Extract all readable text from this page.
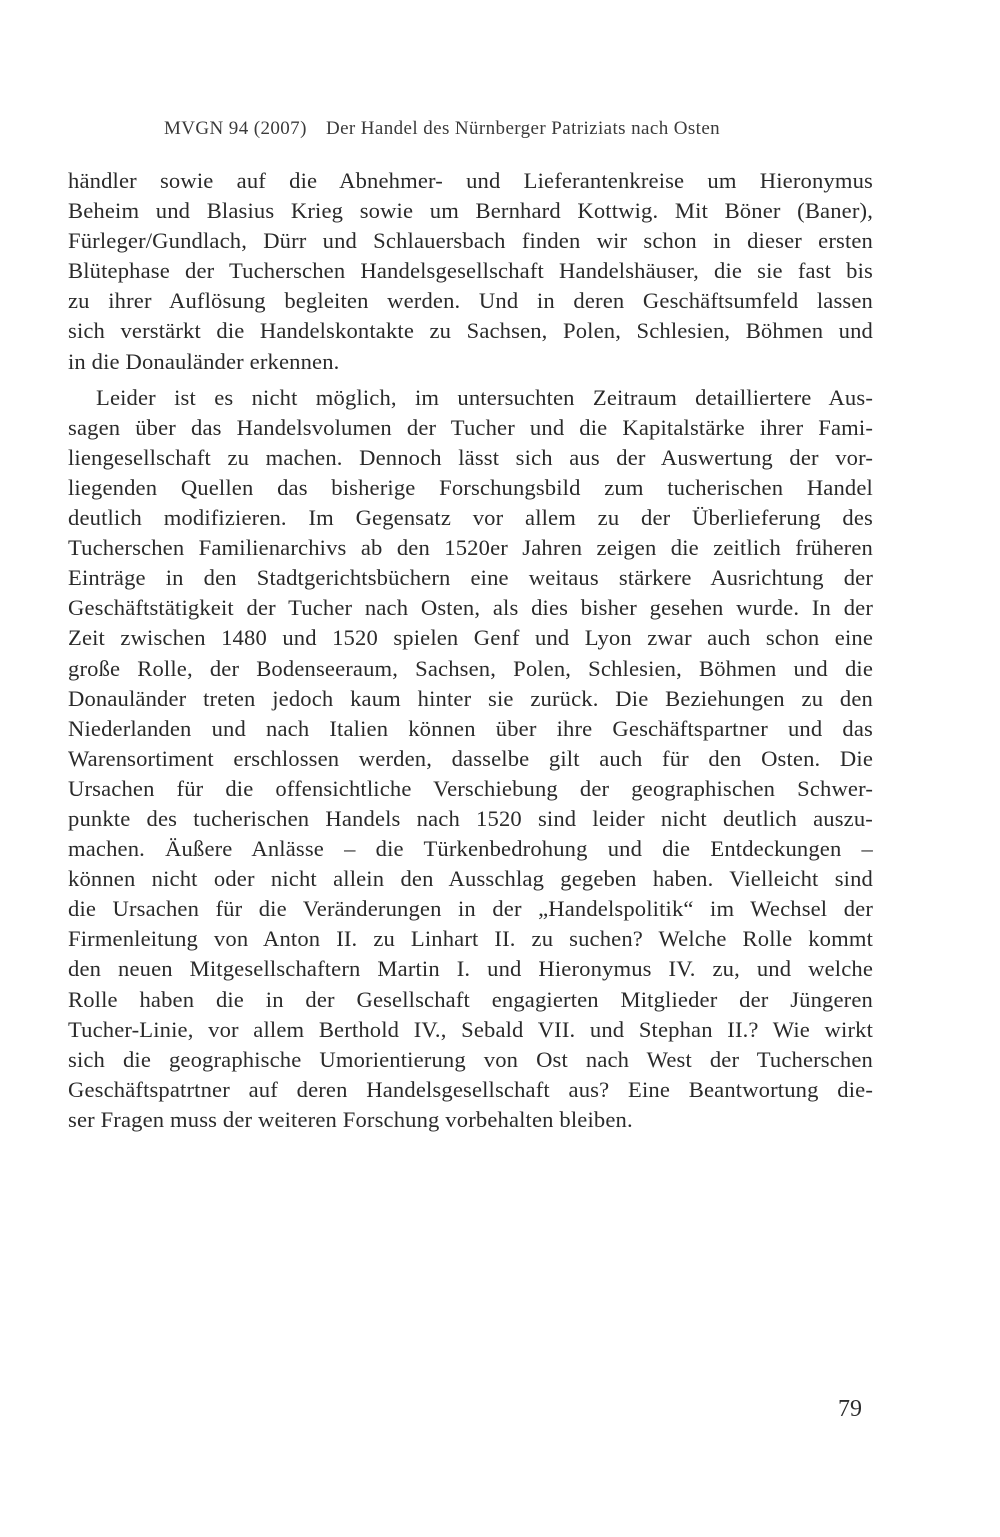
MVGN 94 (2007) Der Handel des Nürnberger Patriziats nach Osten
händler sowie auf die Abnehmer- und Lieferantenkreise um Hieronymus
Beheim und Blasius Krieg sowie um Bernhard Kottwig. Mit Böner (Baner),
Fürleger/Gundlach, Dürr und Schlauersbach finden wir schon in dieser ersten
Blütephase der Tucherschen Handelsgesellschaft Handelshäuser, die sie fast bis
zu ihrer Auflösung begleiten werden. Und in deren Geschäftsumfeld lassen
sich verstärkt die Handelskontakte zu Sachsen, Polen, Schlesien, Böhmen und
in die Donauländer erkennen.
Leider ist es nicht möglich, im untersuchten Zeitraum detailliertere Aus-
sagen über das Handelsvolumen der Tucher und die Kapitalstärke ihrer Fami-
liengesellschaft zu machen. Dennoch lässt sich aus der Auswertung der vor-
liegenden Quellen das bisherige Forschungsbild zum tucherischen Handel
deutlich modifizieren. Im Gegensatz vor allem zu der Überlieferung des
Tucherschen Familienarchivs ab den 1520er Jahren zeigen die zeitlich früheren
Einträge in den Stadtgerichtsbüchern eine weitaus stärkere Ausrichtung der
Geschäftstätigkeit der Tucher nach Osten, als dies bisher gesehen wurde. In der
Zeit zwischen 1480 und 1520 spielen Genf und Lyon zwar auch schon eine
große Rolle, der Bodenseeraum, Sachsen, Polen, Schlesien, Böhmen und die
Donauländer treten jedoch kaum hinter sie zurück. Die Beziehungen zu den
Niederlanden und nach Italien können über ihre Geschäftspartner und das
Warensortiment erschlossen werden, dasselbe gilt auch für den Osten. Die
Ursachen für die offensichtliche Verschiebung der geographischen Schwer-
punkte des tucherischen Handels nach 1520 sind leider nicht deutlich auszu-
machen. Äußere Anlässe – die Türkenbedrohung und die Entdeckungen –
können nicht oder nicht allein den Ausschlag gegeben haben. Vielleicht sind
die Ursachen für die Veränderungen in der „Handelspolitik“ im Wechsel der
Firmenleitung von Anton II. zu Linhart II. zu suchen? Welche Rolle kommt
den neuen Mitgesellschaftern Martin I. und Hieronymus IV. zu, und welche
Rolle haben die in der Gesellschaft engagierten Mitglieder der Jüngeren
Tucher-Linie, vor allem Berthold IV., Sebald VII. und Stephan II.? Wie wirkt
sich die geographische Umorientierung von Ost nach West der Tucherschen
Geschäftspatrtner auf deren Handelsgesellschaft aus? Eine Beantwortung die-
ser Fragen muss der weiteren Forschung vorbehalten bleiben.
79
